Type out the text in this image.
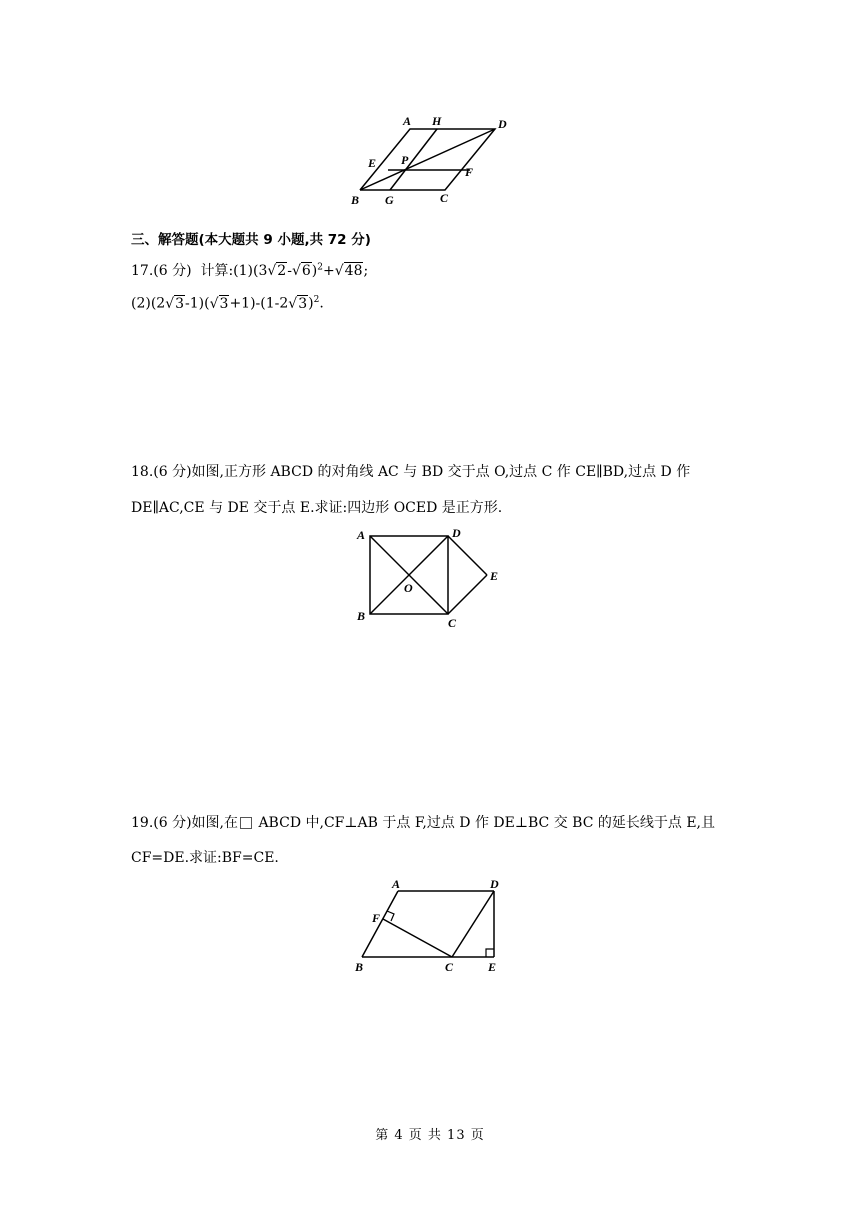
A H	D
E P
F
B G	C
三、解答题(本大题共 9 小题,共 72 分)
17.(6 分) 计算$:(1)(3√2-√6)^2+√48$;
$(2)(2√3-1)(√3+1)-(1-2√3)^2$.
18.(6 分)如图,正方形 ABCD 的对角线 AC 与 BD 交于点 O,过点 C 作 CE∥BD,过点 D 作
DE∥AC,CE 与 DE 交于点 E.求证:四边形 OCED 是正方形.
A	D
E
O
B	C
19.(6 分)如图,在 ABCD 中,CF⊥AB 于点 F,过点 D 作 DE⊥BC 交 BC 的延长线于点 E,且
CF=DE.求证:BF=CE.
A	D
F
B	C	E
第 4 页 共 13 页
